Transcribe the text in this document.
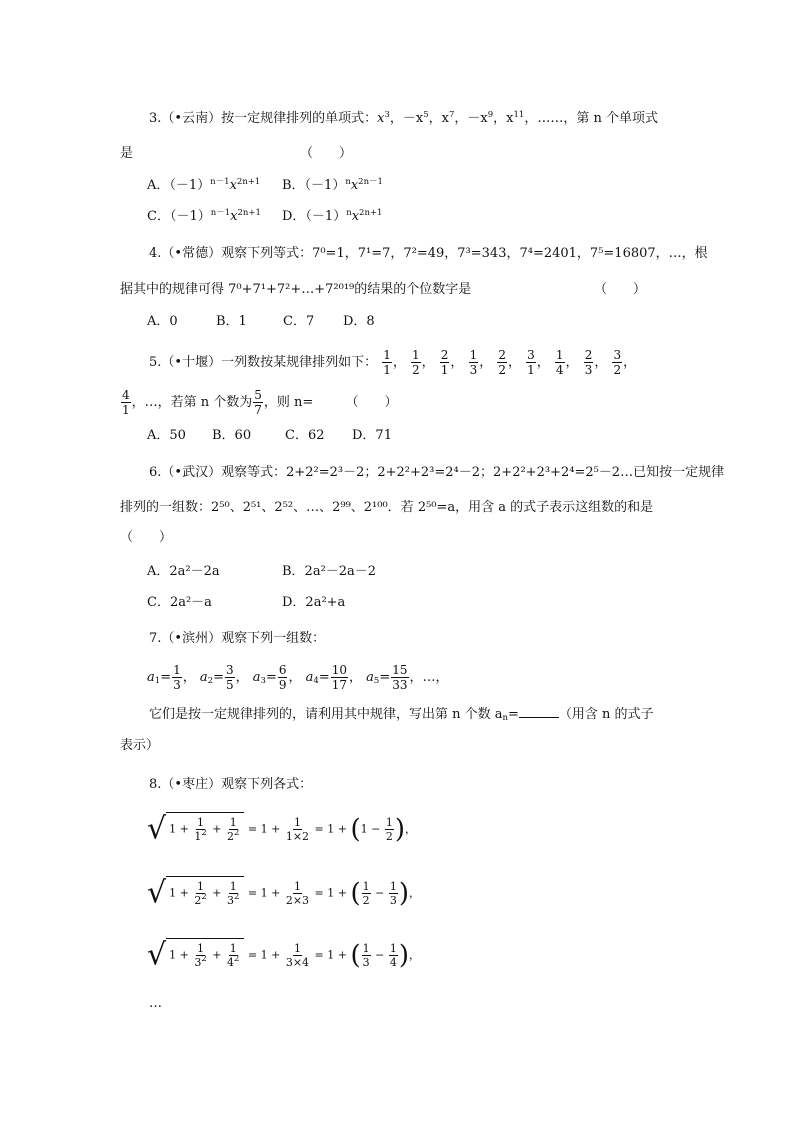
3.（•云南）按一定规律排列的单项式：$x^3$，$-x^5$，$x^7$，$-x^9$，$x^{11}$，……，第 n 个单项式
是	（　　）
A．$(-1)^{n-1}x^{2n+1}$ B．$(-1)^nx^{2n-1}$
C．$(-1)^{n-1}x^{2n+1}$ D．$(-1)^nx^{2n+1}$
4.（•常德）观察下列等式：7⁰=1，7¹=7，7²=49，7³=343，7⁴=2401，7⁵=16807，…，根
据其中的规律可得 7⁰+7¹+7²+…+7²⁰¹⁹的结果的个位数字是	（　　）
A．0	B．1	C．7 D．8
5.（•十堰）一列数按某规律排列如下： $\frac{1}{1}$ ， $\frac{1}{2}$ ， $\frac{2}{1}$ ， $\frac{1}{3}$ ， $\frac{2}{2}$ ， $\frac{3}{1}$ ， $\frac{1}{4}$ ， $\frac{2}{3}$ ， $\frac{3}{2}$ ，
$\frac{4}{1}$ ，…，若第 n 个数为 $\frac{5}{7}$ ，则 n= （　　）
A．50 B．60	C．62 D．71
6.（•武汉）观察等式：2+2²=2³－2；2+2²+2³=2⁴－2；2+2²+2³+2⁴=2⁵－2…已知按一定规律
排列的一组数：2⁵⁰、2⁵¹、2⁵²、…、2⁹⁹、2¹⁰⁰．若 2⁵⁰=a，用含 a 的式子表示这组数的和是
（　　）
A．2a²－2a	B．2a²－2a－2
C．2a²－a	D．2a²+a
7.（•滨州）观察下列一组数：
$a_1= \frac{1}{3}$ ， $a_2= \frac{3}{5}$ ， $a_3= \frac{6}{9}$ ， $a_4= \frac{10}{17}$ ， $a_5= \frac{15}{33}$ ，…，
它们是按一定规律排列的，请利用其中规律，写出第 n 个数 $a_n=$	（用含 n 的式子
表示）
8.（•枣庄）观察下列各式：
√ $1 + \frac{1}{1^2} + \frac{1}{2^2} = 1 + \frac{1}{1\times 2} = 1 + (1 - \frac{1}{2}$ )，
√ $1 + \frac{1}{2^2} + \frac{1}{3^2} = 1 + \frac{1}{2\times 3} = 1$ + ( $\frac{1}{2} - \frac{1}{3}$ )，
√ $1 + \frac{1}{3^2} + \frac{1}{4^2} = 1 + \frac{1}{3\times 4} = 1$ + ( $\frac{1}{3} - \frac{1}{4}$ )，
…
